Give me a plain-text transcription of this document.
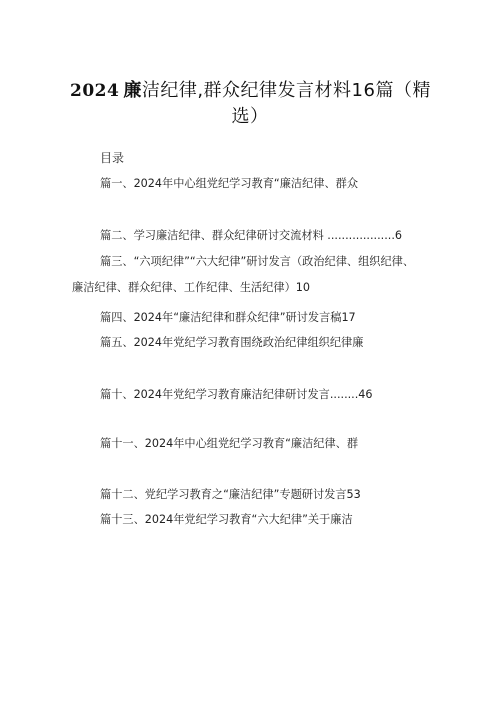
2024 廉洁纪律,群众纪律发言材料16篇（精
选）
目录
篇一、2024年中心组党纪学习教育“廉洁纪律、群众
篇二、学习廉洁纪律、群众纪律研讨交流材料 ...................6
篇三、“六项纪律”“六大纪律”研讨发言（政治纪律、组织纪律、廉洁纪律、群众纪律、工作纪律、生活纪律）10
篇四、2024年“廉洁纪律和群众纪律”研讨发言稿17
篇五、2024年党纪学习教育围绕政治纪律组织纪律廉
篇十、2024年党纪学习教育廉洁纪律研讨发言........46
篇十一、2024年中心组党纪学习教育“廉洁纪律、群
篇十二、党纪学习教育之“廉洁纪律”专题研讨发言53
篇十三、2024年党纪学习教育“六大纪律”关于廉洁
